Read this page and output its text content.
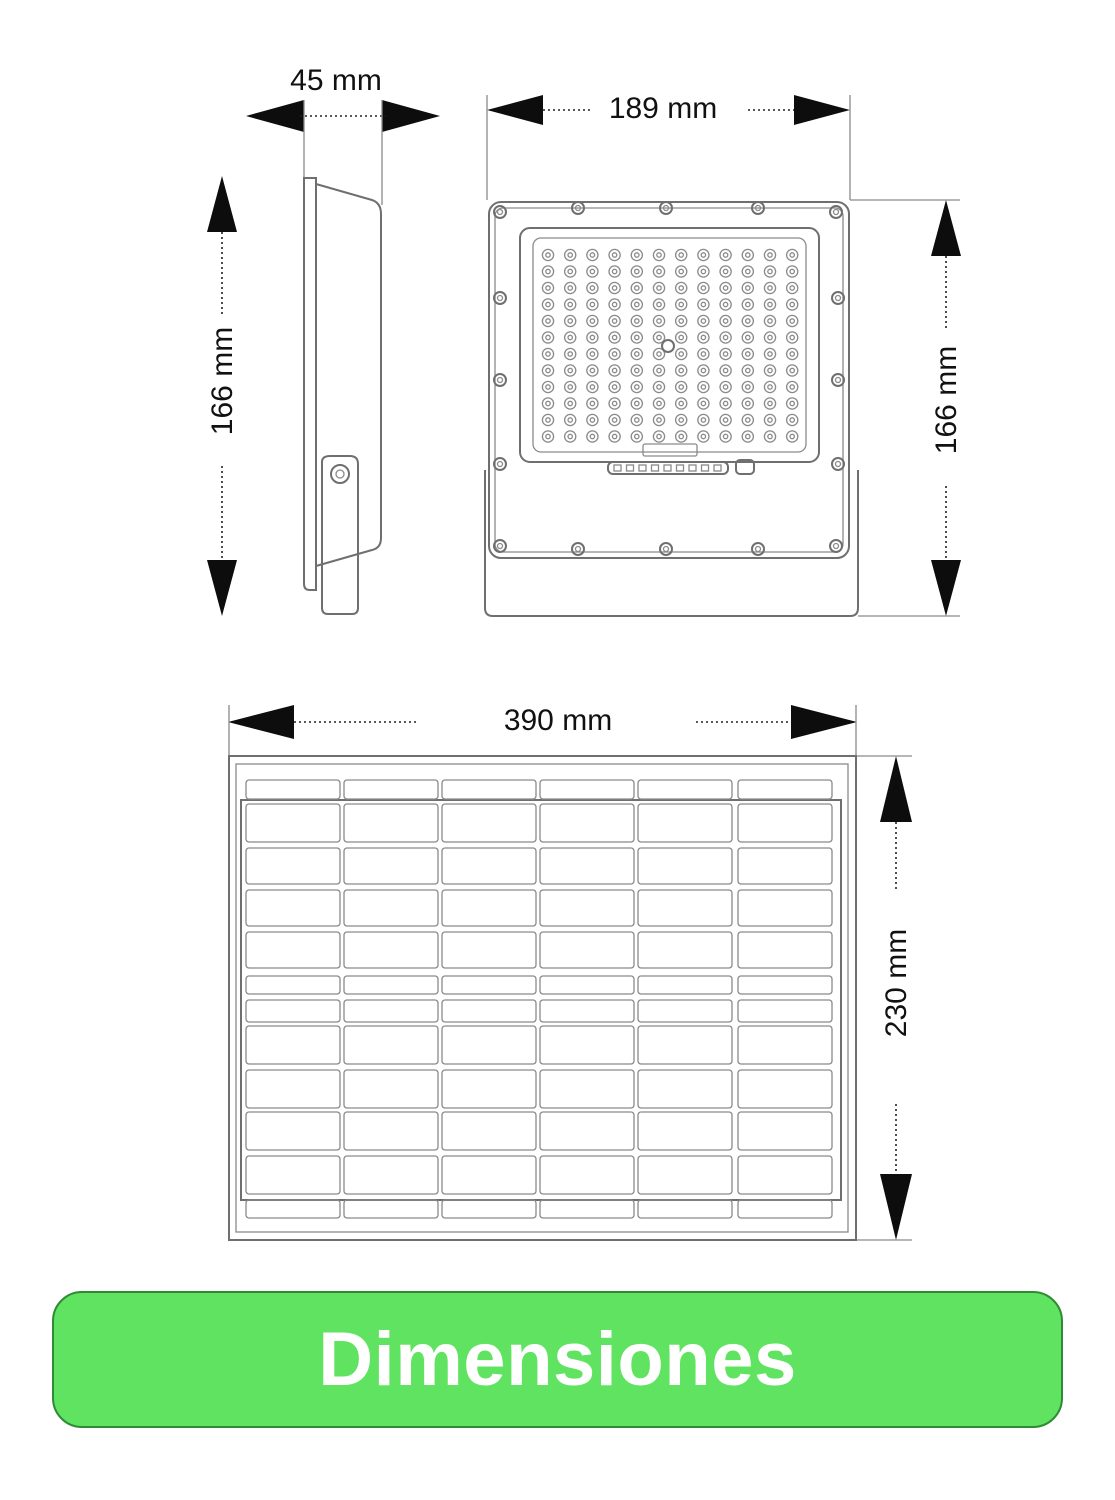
45 mm
166 mm
189 mm
166 mm
390 mm
230 mm
Dimensiones
